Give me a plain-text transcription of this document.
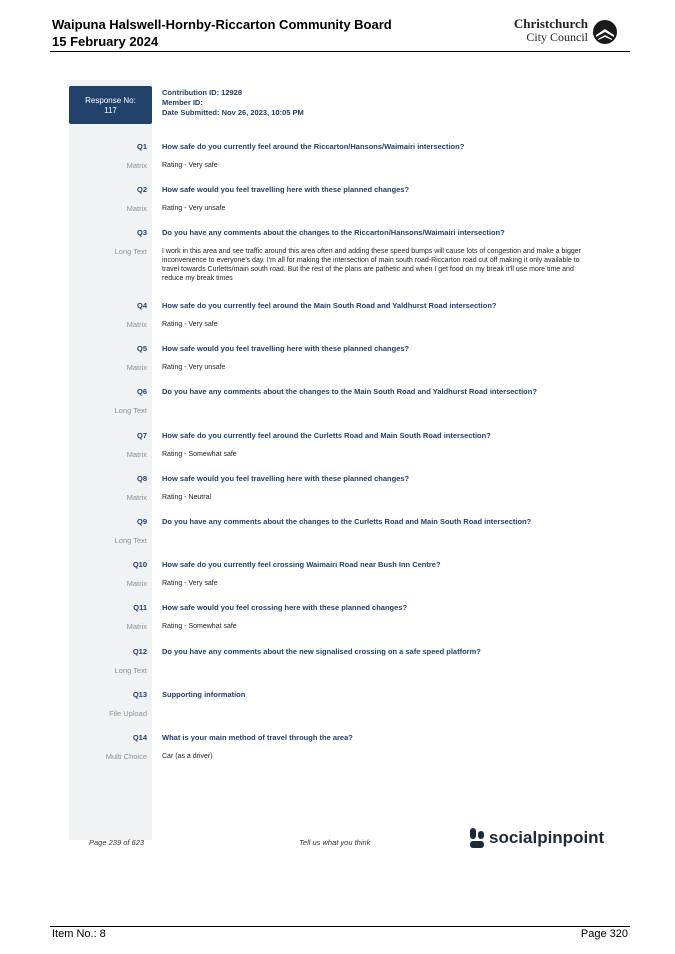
Waipuna Halswell-Hornby-Riccarton Community Board
15 February 2024
Christchurch
City Council
Response No:
117
Contribution ID: 12928
Member ID:
Date Submitted: Nov 26, 2023, 10:05 PM
Q1 How safe do you currently feel around the Riccarton/Hansons/Waimairi intersection?
Matrix Rating - Very safe
Q2 How safe would you feel travelling here with these planned changes?
Matrix Rating - Very unsafe
Q3 Do you have any comments about the changes to the Riccarton/Hansons/Waimairi intersection?
Long Text I work in this area and see traffic around this area often and adding these speed bumps will cause lots of congestion and make a bigger inconvenience to everyone's day. I'm all for making the intersection of main south road-Riccarton road cut off making it only available to travel towards Curletts/main south road. But the rest of the plans are pathetic and when I get food on my break it'll use more time and reduce my break times
Q4 How safe do you currently feel around the Main South Road and Yaldhurst Road intersection?
Matrix Rating - Very safe
Q5 How safe would you feel travelling here with these planned changes?
Matrix Rating - Very unsafe
Q6 Do you have any comments about the changes to the Main South Road and Yaldhurst Road intersection?
Long Text
Q7 How safe do you currently feel around the Curletts Road and Main South Road intersection?
Matrix Rating - Somewhat safe
Q8 How safe would you feel travelling here with these planned changes?
Matrix Rating - Neutral
Q9 Do you have any comments about the changes to the Curletts Road and Main South Road intersection?
Long Text
Q10 How safe do you currently feel crossing Waimairi Road near Bush Inn Centre?
Matrix Rating - Very safe
Q11 How safe would you feel crossing here with these planned changes?
Matrix Rating - Somewhat safe
Q12 Do you have any comments about the new signalised crossing on a safe speed platform?
Long Text
Q13 Supporting information
File Upload
Q14 What is your main method of travel through the area?
Multi Choice Car (as a driver)
Page 239 of 623	Tell us what you think	socialpinpoint
Item No.: 8	Page 320
